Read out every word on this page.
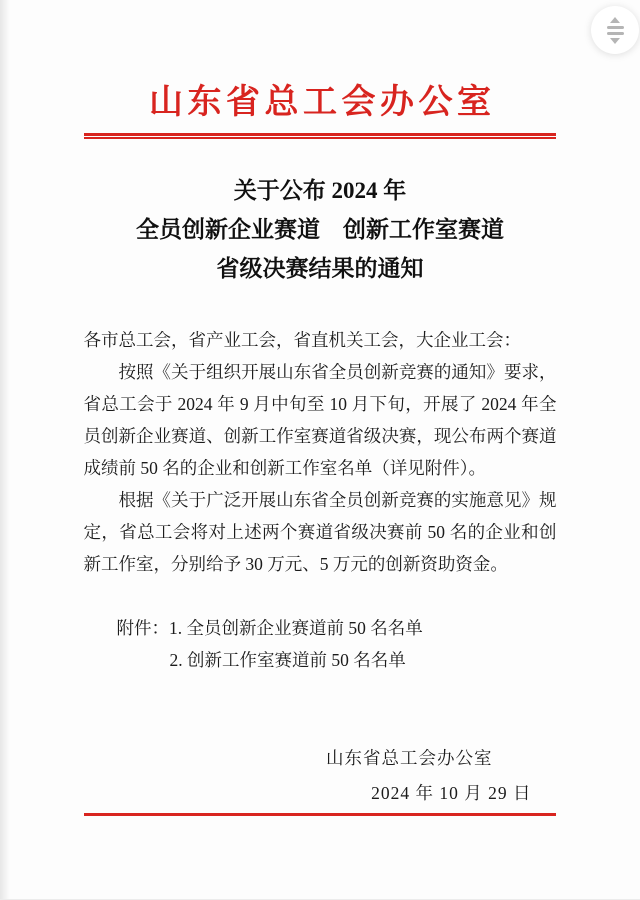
山 东 省 总 工 会 办 公 室
关于公布 2024 年
全员创新企业赛道　创新工作室赛道
省级决赛结果的通知

各市总工会，省产业工会，省直机关工会，大企业工会：

按照《关于组织开展山东省全员创新竞赛的通知》要求，省总工会于 2024 年 9 月中旬至 10 月下旬，开展了 2024 年全员创新企业赛道、创新工作室赛道省级决赛，现公布两个赛道成绩前 50 名的企业和创新工作室名单（详见附件）。

根据《关于广泛开展山东省全员创新竞赛的实施意见》规定，省总工会将对上述两个赛道省级决赛前 50 名的企业和创新工作室，分别给予 30 万元、5 万元的创新资助资金。

附件：1. 全员创新企业赛道前 50 名名单
2. 创新工作室赛道前 50 名名单
山东省总工会办公室
2024 年 10 月 29 日
